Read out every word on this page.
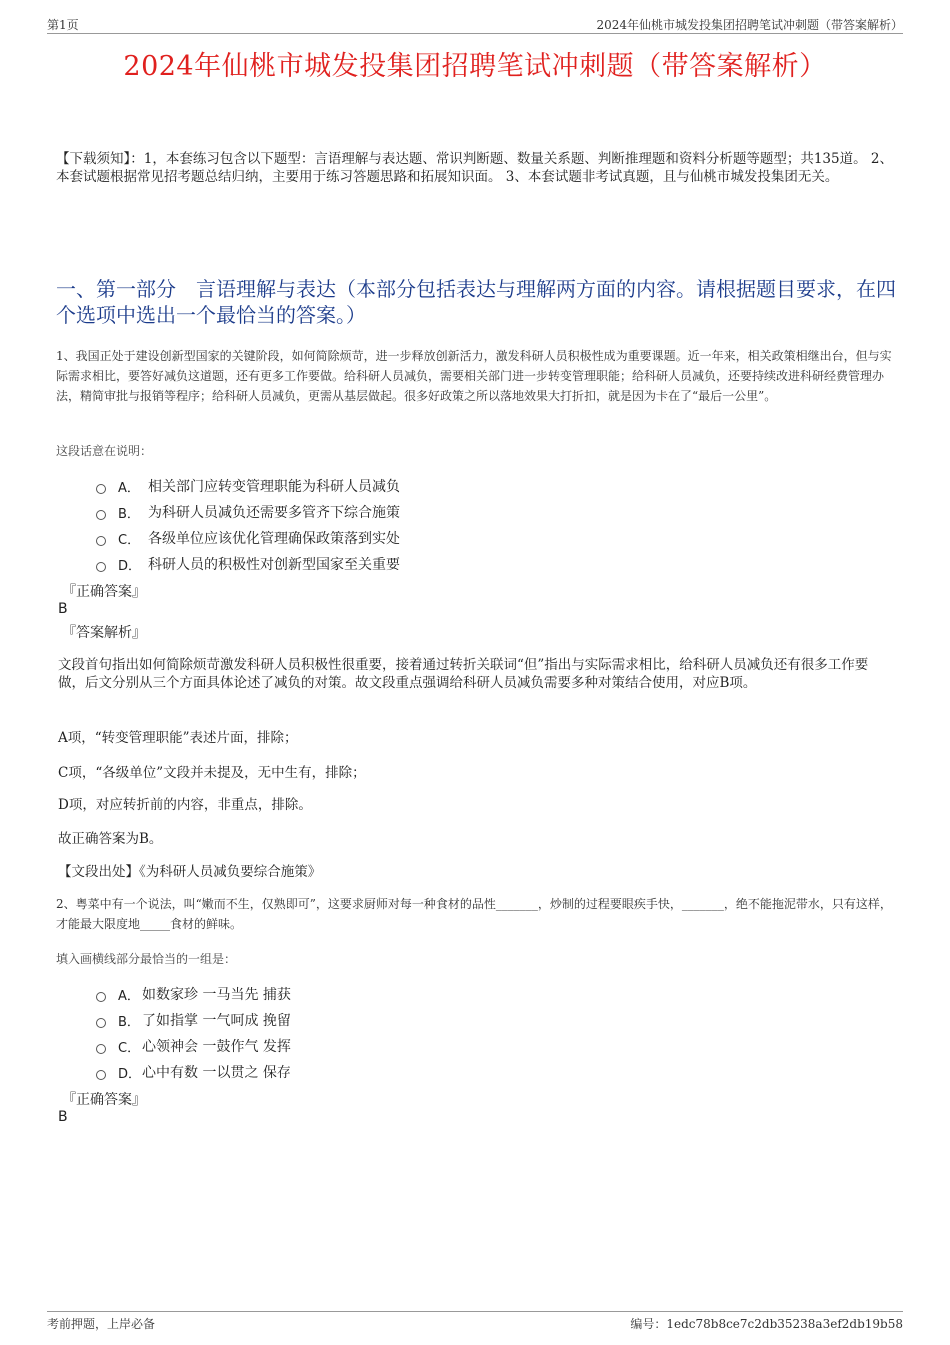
第1页	2024年仙桃市城发投集团招聘笔试冲刺题（带答案解析）
2024年仙桃市城发投集团招聘笔试冲刺题（带答案解析）
【下载须知】：1，本套练习包含以下题型：言语理解与表达题、常识判断题、数量关系题、判断推理题和资料分析题等题型；共135道。 2、本套试题根据常见招考题总结归纳，主要用于练习答题思路和拓展知识面。 3、本套试题非考试真题，且与仙桃市城发投集团无关。
一、第一部分　言语理解与表达（本部分包括表达与理解两方面的内容。请根据题目要求，在四个选项中选出一个最恰当的答案。）
1、我国正处于建设创新型国家的关键阶段，如何简除烦苛，进一步释放创新活力，激发科研人员积极性成为重要课题。近一年来，相关政策相继出台，但与实际需求相比，要答好减负这道题，还有更多工作要做。给科研人员减负，需要相关部门进一步转变管理职能；给科研人员减负，还要持续改进科研经费管理办法，精简审批与报销等程序；给科研人员减负，更需从基层做起。很多好政策之所以落地效果大打折扣，就是因为卡在了“最后一公里”。
这段话意在说明：
A． 相关部门应转变管理职能为科研人员减负
B． 为科研人员减负还需要多管齐下综合施策
C． 各级单位应该优化管理确保政策落到实处
D． 科研人员的积极性对创新型国家至关重要
『正确答案』
B
『答案解析』
文段首句指出如何简除烦苛激发科研人员积极性很重要，接着通过转折关联词“但”指出与实际需求相比，给科研人员减负还有很多工作要做，后文分别从三个方面具体论述了减负的对策。故文段重点强调给科研人员减负需要多种对策结合使用，对应B项。
A项，“转变管理职能”表述片面，排除；
C项，“各级单位”文段并未提及，无中生有，排除；
D项，对应转折前的内容，非重点，排除。
故正确答案为B。
【文段出处】《为科研人员减负要综合施策》
2、粤菜中有一个说法，叫“嫩而不生，仅熟即可”，这要求厨师对每一种食材的品性_______，炒制的过程要眼疾手快，_______，绝不能拖泥带水，只有这样，才能最大限度地_____食材的鲜味。
填入画横线部分最恰当的一组是：
A． 如数家珍 一马当先 捕获
B． 了如指掌 一气呵成 挽留
C． 心领神会 一鼓作气 发挥
D． 心中有数 一以贯之 保存
『正确答案』
B
考前押题，上岸必备	编号：1edc78b8ce7c2db35238a3ef2db19b58
